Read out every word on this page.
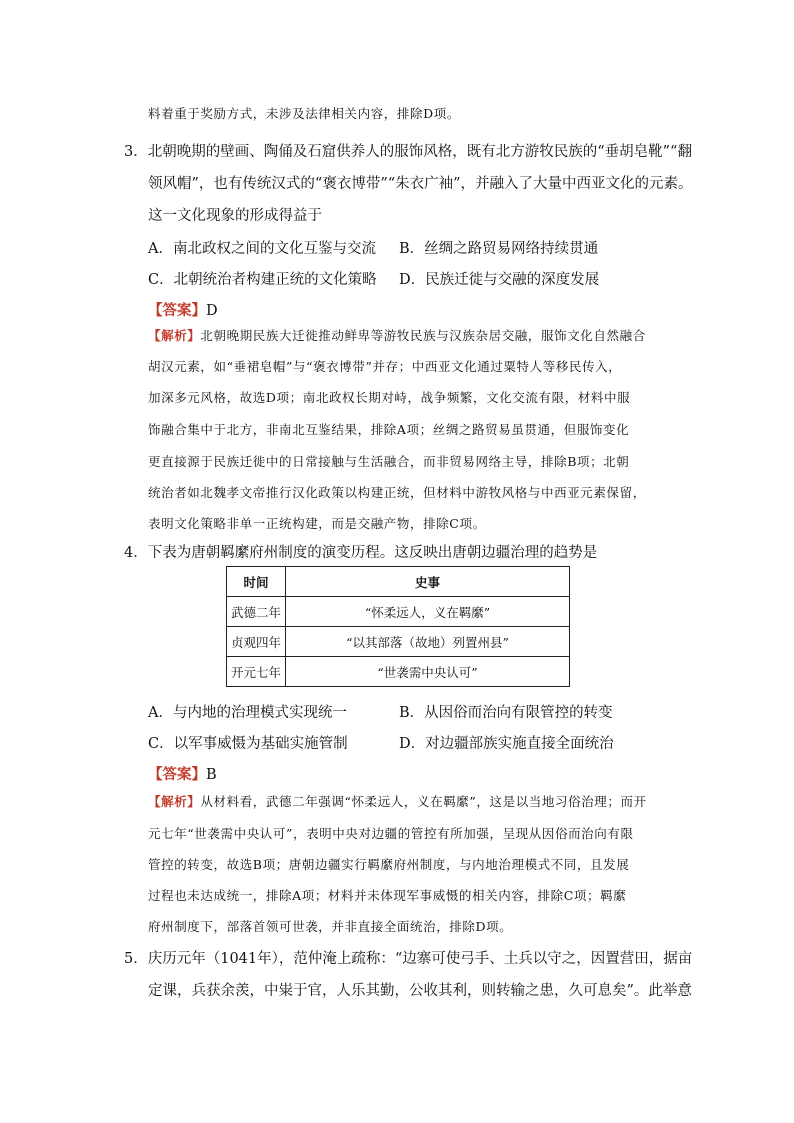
料着重于奖励方式，未涉及法律相关内容，排除D项。
3．北朝晚期的壁画、陶俑及石窟供养人的服饰风格，既有北方游牧民族的“垂胡皂靴”“翻
领风帽”，也有传统汉式的“褒衣博带”“朱衣广袖”，并融入了大量中西亚文化的元素。
这一文化现象的形成得益于
A．南北政权之间的文化互鉴与交流 B．丝绸之路贸易网络持续贯通
C．北朝统治者构建正统的文化策略 D．民族迁徙与交融的深度发展
【答案】D
【解析】北朝晚期民族大迁徙推动鲜卑等游牧民族与汉族杂居交融，服饰文化自然融合
胡汉元素，如“垂裙皂帽”与“褒衣博带”并存；中西亚文化通过粟特人等移民传入，
加深多元风格，故选D项；南北政权长期对峙，战争频繁，文化交流有限，材料中服
饰融合集中于北方，非南北互鉴结果，排除A项；丝绸之路贸易虽贯通，但服饰变化
更直接源于民族迁徙中的日常接触与生活融合，而非贸易网络主导，排除B项；北朝
统治者如北魏孝文帝推行汉化政策以构建正统，但材料中游牧风格与中西亚元素保留，
表明文化策略非单一正统构建，而是交融产物，排除C项。
4．下表为唐朝羁縻府州制度的演变历程。这反映出唐朝边疆治理的趋势是
时间	史事
武德二年	“怀柔远人，义在羁縻”
贞观四年	“以其部落（故地）列置州县”
开元七年	“世袭需中央认可”
A．与内地的治理模式实现统一	B．从因俗而治向有限管控的转变
C．以军事威慑为基础实施管制	D．对边疆部族实施直接全面统治
【答案】B
【解析】从材料看，武德二年强调“怀柔远人，义在羁縻”，这是以当地习俗治理；而开
元七年“世袭需中央认可”，表明中央对边疆的管控有所加强，呈现从因俗而治向有限
管控的转变，故选B项；唐朝边疆实行羁縻府州制度，与内地治理模式不同，且发展
过程也未达成统一，排除A项；材料并未体现军事威慑的相关内容，排除C项；羁縻
府州制度下，部落首领可世袭，并非直接全面统治，排除D项。
5．庆历元年（1041年），范仲淹上疏称：“边寨可使弓手、土兵以守之，因置营田，据亩
定课，兵获余羡，中粜于官，人乐其勤，公收其利，则转输之患，久可息矣”。此举意
